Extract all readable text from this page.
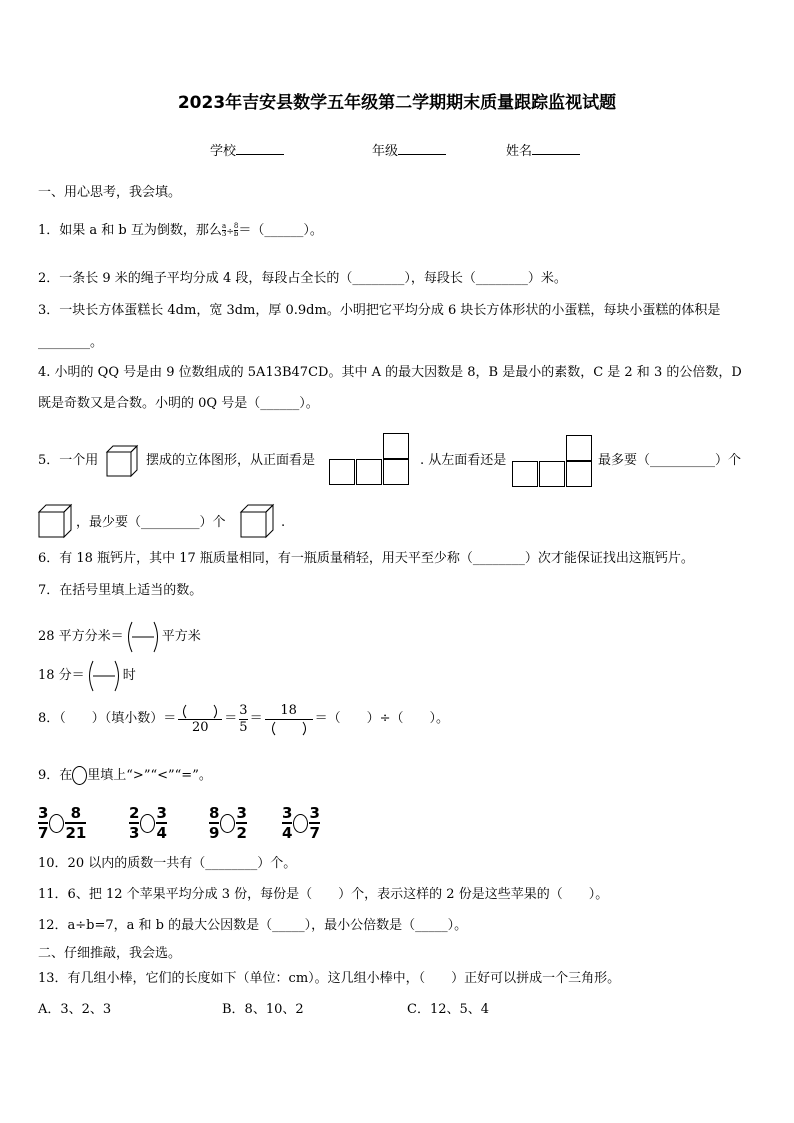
2023年吉安县数学五年级第二学期期末质量跟踪监视试题
学校	年级	姓名
一、用心思考，我会填。
1．如果 a 和 b 互为倒数，那么 $\frac{a}{3} \div \frac{8}{b}$ ＝（______）。
2．一条长 9 米的绳子平均分成 4 段，每段占全长的（________），每段长（________）米。
3．一块长方体蛋糕长 4dm，宽 3dm，厚 0.9dm。小明把它平均分成 6 块长方体形状的小蛋糕，每块小蛋糕的体积是
________。
4. 小明的 QQ 号是由 9 位数组成的 5A13B47CD。其中 A 的最大因数是 8，B 是最小的素数，C 是 2 和 3 的公倍数，D
既是奇数又是合数。小明的 0Q 号是（______）。
5．一个用	摆成的立体图形，从正面看是	. 从左面看还是	最多要（__________）个
，最少要（_________）个	.
6．有 18 瓶钙片，其中 17 瓶质量相同，有一瓶质量稍轻，用天平至少称（________）次才能保证找出这瓶钙片。
7．在括号里填上适当的数。
28 平方分米＝	平方米
18 分＝	时
8．（　　）（填小数）＝
20
＝ $\frac{3}{5}$ ＝
18
＝（　　）÷（　　）。
9．在 里填上“>”“<”“=”。
3
7
8
21
2
3
3
4
8
9
3
2
3
4
3
7
10．20 以内的质数一共有（________）个。
11．6、把 12 个苹果平均分成 3 份，每份是（　　）个，表示这样的 2 份是这些苹果的（　　）。
12．a÷b=7，a 和 b 的最大公因数是（_____），最小公倍数是（_____）。
二、仔细推敲，我会选。
13．有几组小棒，它们的长度如下（单位：cm）。这几组小棒中，（　　）正好可以拼成一个三角形。
A．3、2、3	B．8、10、2	C．12、5、4
